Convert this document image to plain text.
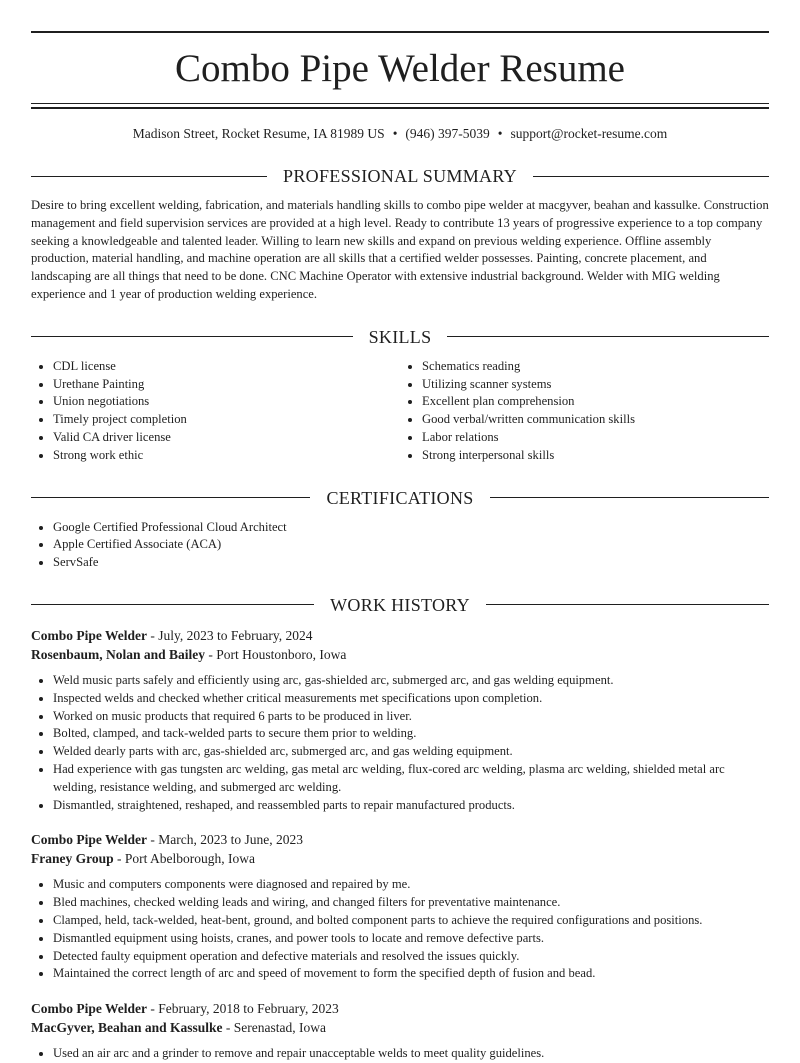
Combo Pipe Welder Resume
Madison Street, Rocket Resume, IA 81989 US • (946) 397-5039 • support@rocket-resume.com
PROFESSIONAL SUMMARY

Desire to bring excellent welding, fabrication, and materials handling skills to combo pipe welder at macgyver, beahan and kassulke. Construction management and field supervision services are provided at a high level. Ready to contribute 13 years of progressive experience to a top company seeking a knowledgeable and talented leader. Willing to learn new skills and expand on previous welding experience. Offline assembly production, material handling, and machine operation are all skills that a certified welder possesses. Painting, concrete placement, and landscaping are all things that need to be done. CNC Machine Operator with extensive industrial background. Welder with MIG welding experience and 1 year of production welding experience.

SKILLS
• CDL license
• Urethane Painting
• Union negotiations
• Timely project completion
• Valid CA driver license
• Strong work ethic
• Schematics reading
• Utilizing scanner systems
• Excellent plan comprehension
• Good verbal/written communication skills
• Labor relations
• Strong interpersonal skills
CERTIFICATIONS
• Google Certified Professional Cloud Architect
• Apple Certified Associate (ACA)
• ServSafe
WORK HISTORY
Combo Pipe Welder - July, 2023 to February, 2024
Rosenbaum, Nolan and Bailey - Port Houstonboro, Iowa
• Weld music parts safely and efficiently using arc, gas-shielded arc, submerged arc, and gas welding equipment.
• Inspected welds and checked whether critical measurements met specifications upon completion.
• Worked on music products that required 6 parts to be produced in liver.
• Bolted, clamped, and tack-welded parts to secure them prior to welding.
• Welded dearly parts with arc, gas-shielded arc, submerged arc, and gas welding equipment.
• Had experience with gas tungsten arc welding, gas metal arc welding, flux-cored arc welding, plasma arc welding, shielded metal arc welding, resistance welding, and submerged arc welding.
• Dismantled, straightened, reshaped, and reassembled parts to repair manufactured products.
Combo Pipe Welder - March, 2023 to June, 2023
Franey Group - Port Abelborough, Iowa
• Music and computers components were diagnosed and repaired by me.
• Bled machines, checked welding leads and wiring, and changed filters for preventative maintenance.
• Clamped, held, tack-welded, heat-bent, ground, and bolted component parts to achieve the required configurations and positions.
• Dismantled equipment using hoists, cranes, and power tools to locate and remove defective parts.
• Detected faulty equipment operation and defective materials and resolved the issues quickly.
• Maintained the correct length of arc and speed of movement to form the specified depth of fusion and bead.
Combo Pipe Welder - February, 2018 to February, 2023
MacGyver, Beahan and Kassulke - Serenastad, Iowa
• Used an air arc and a grinder to remove and repair unacceptable welds to meet quality guidelines.
